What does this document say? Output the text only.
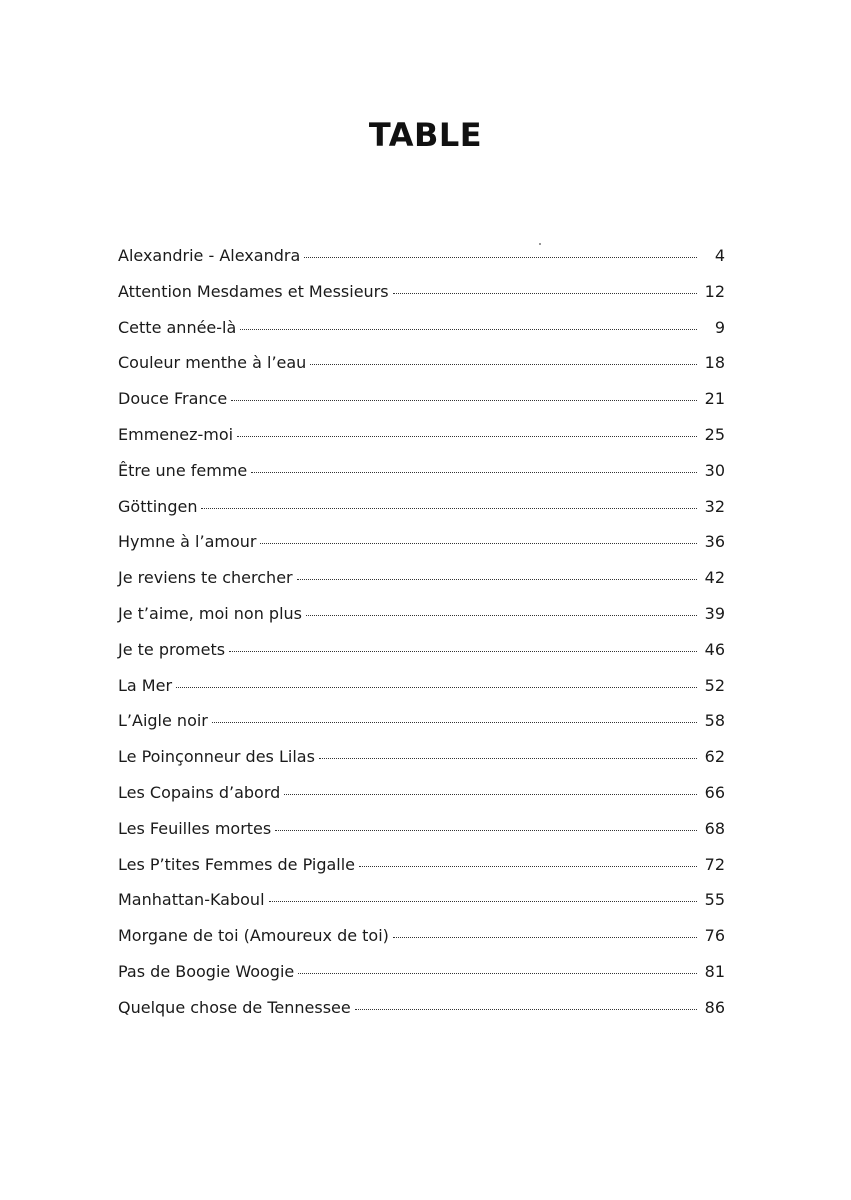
TABLE
Alexandrie - Alexandra	4
Attention Mesdames et Messieurs	12
Cette année-là	9
Couleur menthe à l’eau	18
Douce France	21
Emmenez-moi	25
Être une femme	30
Göttingen	32
Hymne à l’amour	36
Je reviens te chercher	42
Je t’aime, moi non plus	39
Je te promets	46
La Mer	52
L’Aigle noir	58
Le Poinçonneur des Lilas	62
Les Copains d’abord	66
Les Feuilles mortes	68
Les P’tites Femmes de Pigalle	72
Manhattan-Kaboul	55
Morgane de toi (Amoureux de toi)	76
Pas de Boogie Woogie	81
Quelque chose de Tennessee	86
